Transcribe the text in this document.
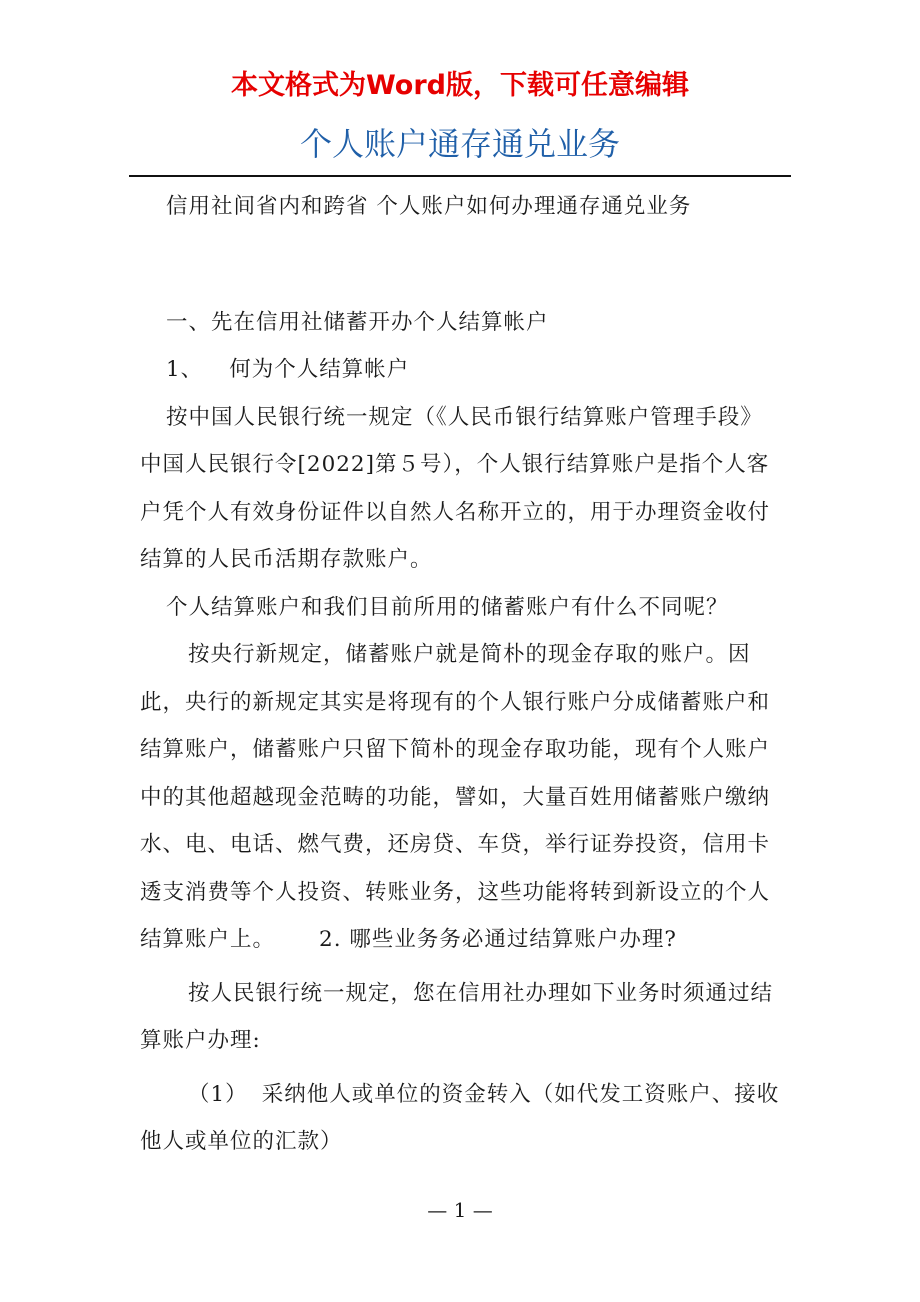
本文格式为Word版，下载可任意编辑
个人账户通存通兑业务

信用社间省内和跨省 个人账户如何办理通存通兑业务

一、先在信用社储蓄开办个人结算帐户

1、 何为个人结算帐户

按中国人民银行统一规定（《人民币银行结算账户管理手段》中国人民银行令[2022]第５号），个人银行结算账户是指个人客户凭个人有效身份证件以自然人名称开立的，用于办理资金收付结算的人民币活期存款账户。

个人结算账户和我们目前所用的储蓄账户有什么不同呢？

按央行新规定，储蓄账户就是简朴的现金存取的账户。因此，央行的新规定其实是将现有的个人银行账户分成储蓄账户和结算账户，储蓄账户只留下简朴的现金存取功能，现有个人账户中的其他超越现金范畴的功能，譬如，大量百姓用储蓄账户缴纳水、电、电话、燃气费，还房贷、车贷，举行证券投资，信用卡透支消费等个人投资、转账业务，这些功能将转到新设立的个人结算账户上。 2. 哪些业务务必通过结算账户办理?

按人民银行统一规定，您在信用社办理如下业务时须通过结算账户办理:

（1） 采纳他人或单位的资金转入（如代发工资账户、接收他人或单位的汇款）

— 1 —
